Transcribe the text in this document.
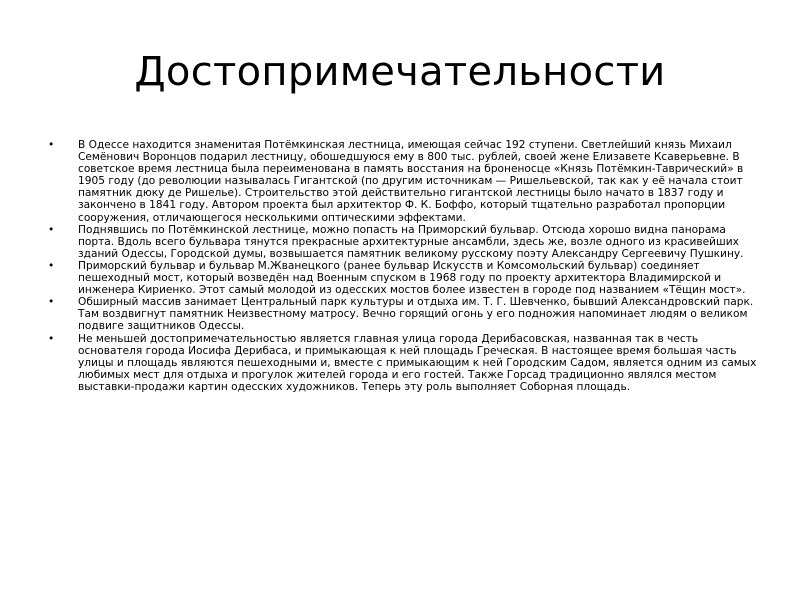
Достопримечательности
• В Одессе находится знаменитая Потёмкинская лестница, имеющая сейчас 192 ступени. Светлейший князь Михаил Семёнович Воронцов подарил лестницу, обошедшуюся ему в 800 тыс. рублей, своей жене Елизавете Ксаверьевне. В советское время лестница была переименована в память восстания на броненосце «Князь Потёмкин-Таврический» в 1905 году (до революции называлась Гигантской (по другим источникам — Ришельевской, так как у её начала стоит памятник дюку де Ришелье). Строительство этой действительно гигантской лестницы было начато в 1837 году и закончено в 1841 году. Автором проекта был архитектор Ф. К. Боффо, который тщательно разработал пропорции сооружения, отличающегося несколькими оптическими эффектами.
• Поднявшись по Потёмкинской лестнице, можно попасть на Приморский бульвар. Отсюда хорошо видна панорама порта. Вдоль всего бульвара тянутся прекрасные архитектурные ансамбли, здесь же, возле одного из красивейших зданий Одессы, Городской думы, возвышается памятник великому русскому поэту Александру Сергеевичу Пушкину.
• Приморский бульвар и бульвар М.Жванецкого (ранее бульвар Искусств и Комсомольский бульвар) соединяет пешеходный мост, который возведён над Военным спуском в 1968 году по проекту архитектора Владимирской и инженера Кириенко. Этот самый молодой из одесских мостов более известен в городе под названием «Тёщин мост».
• Обширный массив занимает Центральный парк культуры и отдыха им. Т. Г. Шевченко, бывший Александровский парк. Там воздвигнут памятник Неизвестному матросу. Вечно горящий огонь у его подножия напоминает людям о великом подвиге защитников Одессы.
• Не меньшей достопримечательностью является главная улица города Дерибасовская, названная так в честь основателя города Иосифа Дерибаса, и примыкающая к ней площадь Греческая. В настоящее время большая часть улицы и площадь являются пешеходными и, вместе с примыкающим к ней Городским Садом, является одним из самых любимых мест для отдыха и прогулок жителей города и его гостей. Также Горсад традиционно являлся местом выставки-продажи картин одесских художников. Теперь эту роль выполняет Соборная площадь.
